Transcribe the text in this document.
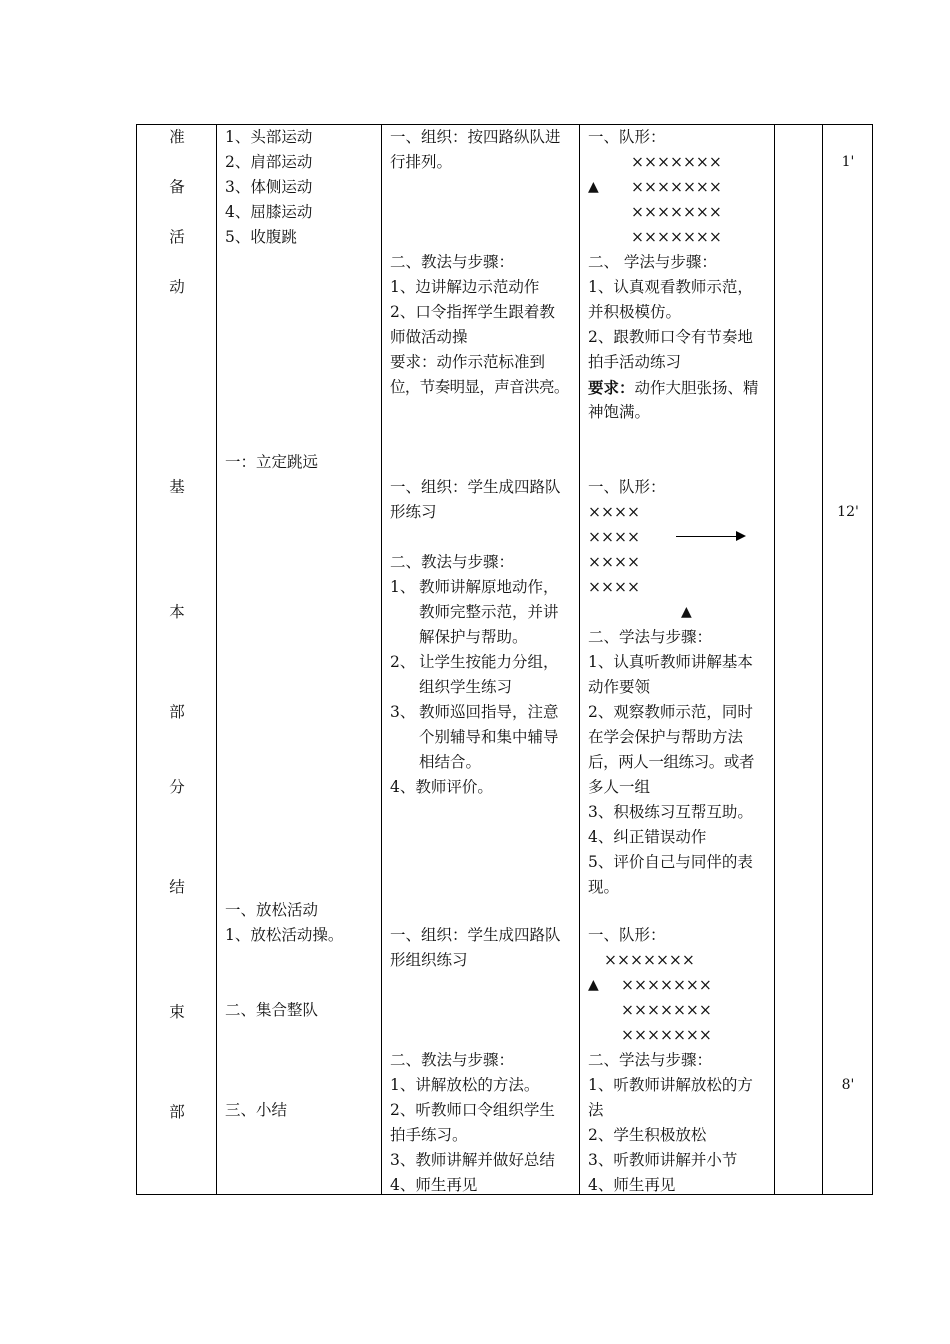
准
备
活
动
基
本
部
分
结
束
部
1、头部运动
2、肩部运动
3、体侧运动
4、屈膝运动
5、收腹跳
一：立定跳远
一、放松活动
1、放松活动操。
二、集合整队
三、小结
一、组织：按四路纵队进
行排列。
二、教法与步骤：
1、边讲解边示范动作
2、口令指挥学生跟着教
师做活动操
要求：动作示范标准到
位，节奏明显，声音洪亮。
一、组织：学生成四路队
形练习
二、教法与步骤：
1、 教师讲解原地动作，
教师完整示范，并讲
解保护与帮助。
2、 让学生按能力分组，
组织学生练习
3、 教师巡回指导，注意
个别辅导和集中辅导
相结合。
4、教师评价。
一、组织：学生成四路队
形组织练习
二、教法与步骤：
1、讲解放松的方法。
2、听教师口令组织学生
拍手练习。
3、教师讲解并做好总结
4、师生再见
一、队形：
×××××××
▲ ×××××××
×××××××
×××××××
二、 学法与步骤：
1、认真观看教师示范，
并积极模仿。
2、跟教师口令有节奏地
拍手活动练习
要求：动作大胆张扬、精
神饱满。
一、队形：
××××
××××
××××
××××
▲
二、学法与步骤：
1、认真听教师讲解基本
动作要领
2、观察教师示范，同时
在学会保护与帮助方法
后，两人一组练习。或者
多人一组
3、积极练习互帮互助。
4、纠正错误动作
5、评价自己与同伴的表
现。
一、队形：
×××××××
▲ ×××××××
×××××××
×××××××
二、学法与步骤：
1、听教师讲解放松的方
法
2、学生积极放松
3、听教师讲解并小节
4、师生再见
1'
12'
8'
